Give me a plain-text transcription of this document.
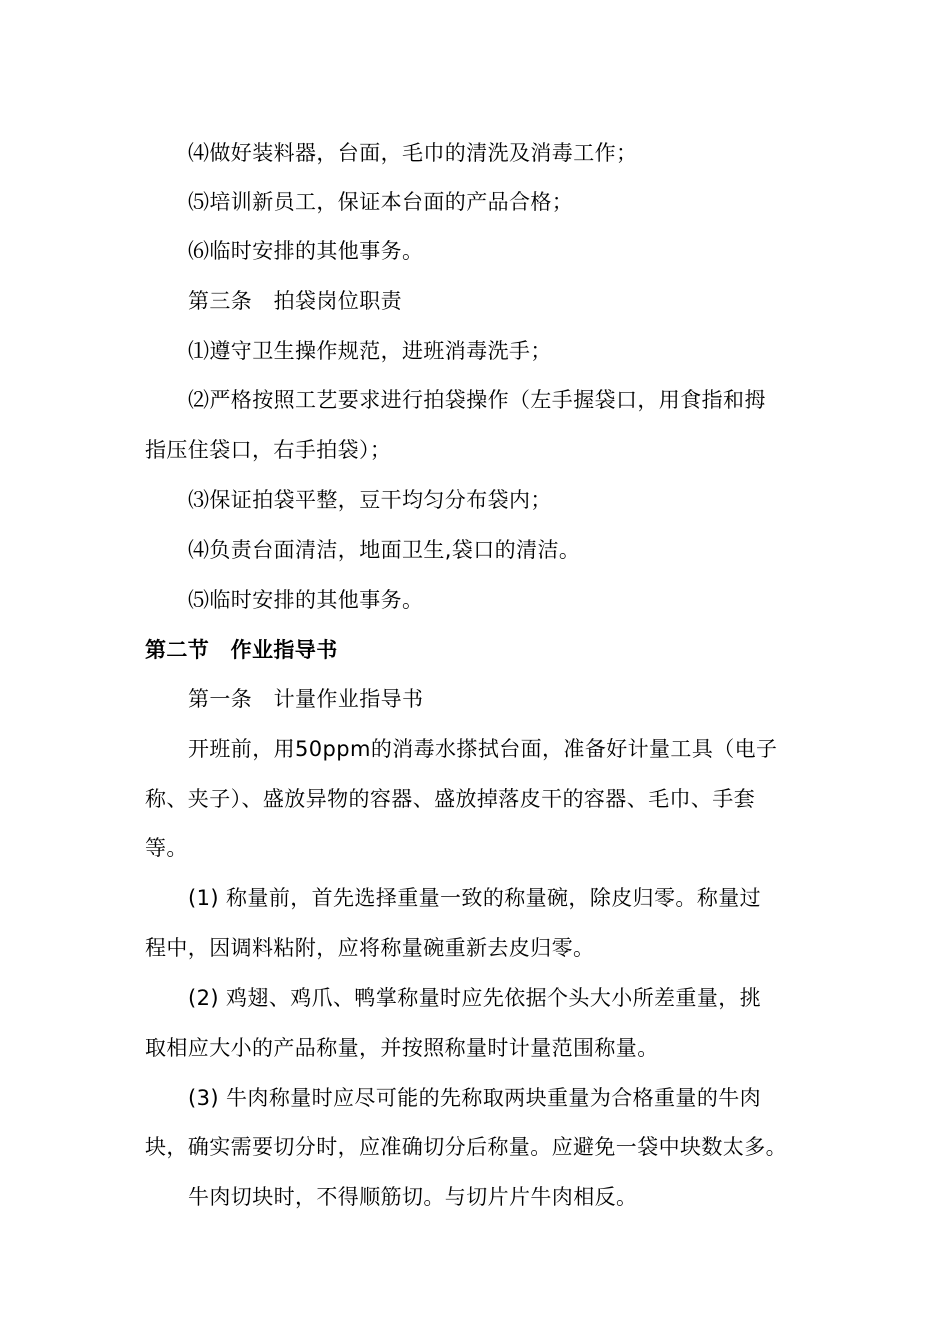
⑷做好装料器，台面，毛巾的清洗及消毒工作；
⑸培训新员工，保证本台面的产品合格；
⑹临时安排的其他事务。
第三条　拍袋岗位职责
⑴遵守卫生操作规范，进班消毒洗手；
⑵严格按照工艺要求进行拍袋操作（左手握袋口，用食指和拇
指压住袋口，右手拍袋）；
⑶保证拍袋平整，豆干均匀分布袋内；
⑷负责台面清洁，地面卫生,袋口的清洁。
⑸临时安排的其他事务。
第二节　作业指导书
第一条　计量作业指导书
开班前，用50ppm的消毒水搽拭台面，准备好计量工具（电子
称、夹子）、盛放异物的容器、盛放掉落皮干的容器、毛巾、手套
等。
(1) 称量前，首先选择重量一致的称量碗，除皮归零。称量过
程中，因调料粘附，应将称量碗重新去皮归零。
(2) 鸡翅、鸡爪、鸭掌称量时应先依据个头大小所差重量，挑
取相应大小的产品称量，并按照称量时计量范围称量。
(3) 牛肉称量时应尽可能的先称取两块重量为合格重量的牛肉
块，确实需要切分时，应准确切分后称量。应避免一袋中块数太多。
牛肉切块时，不得顺筋切。与切片片牛肉相反。
